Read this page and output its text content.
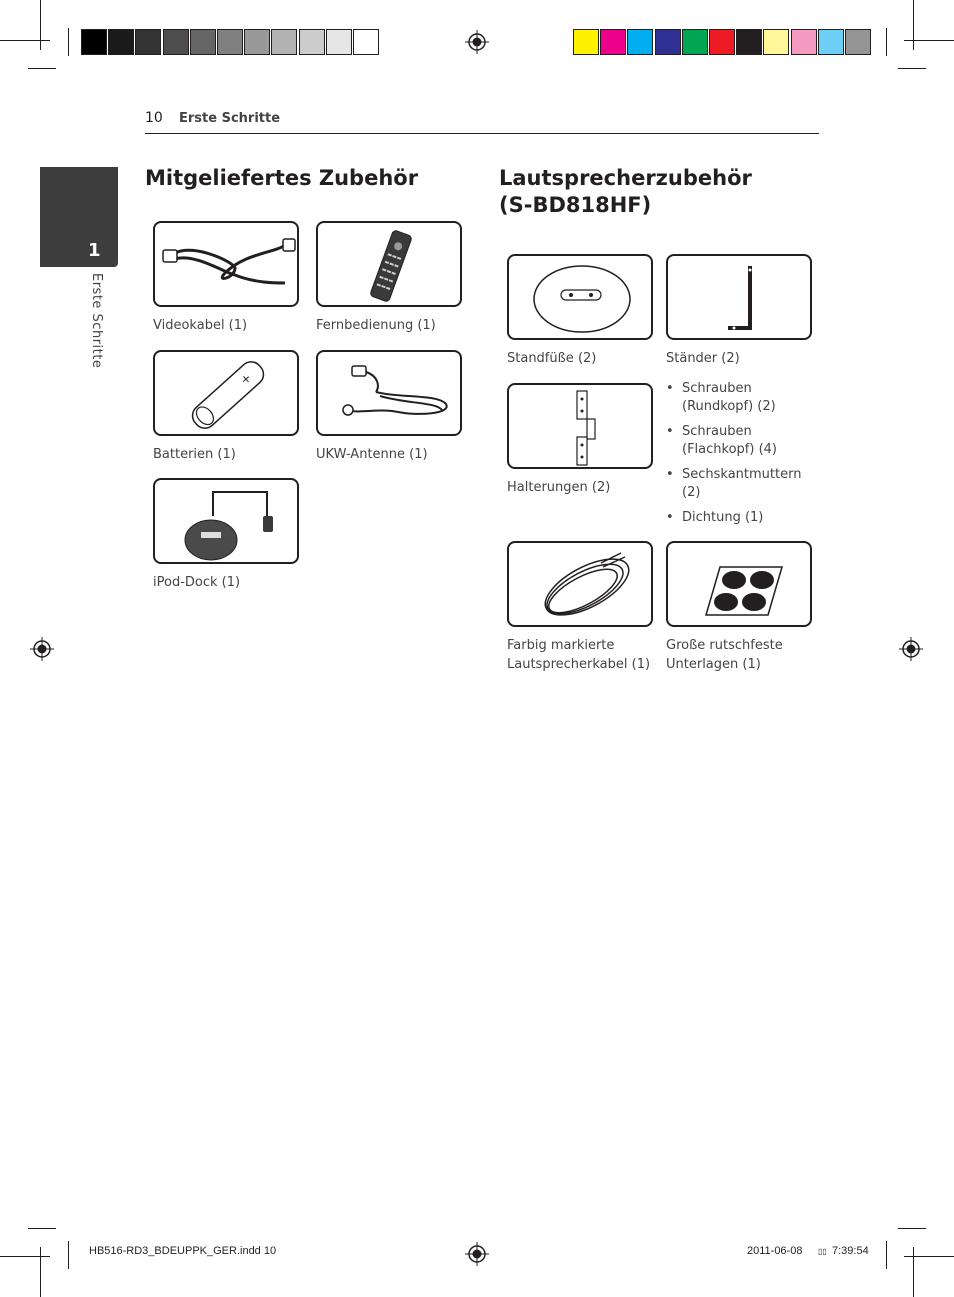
10 Erste Schritte
1
Erste Schritte
Mitgeliefertes Zubehör
Videokabel (1)	Fernbedienung (1)
+
Batterien (1)	UKW-Antenne (1)
iPod-Dock (1)
Lautsprecherzubehör
(S-BD818HF)
Standfüße (2)	Ständer (2)
Halterungen (2)
• Schrauben
(Rundkopf) (2)
• Schrauben
(Flachkopf) (4)
• Sechskantmuttern
(2)
• Dichtung (1)
Farbig markierte
Lautsprecherkabel (1)
Große rutschfeste
Unterlagen (1)
HB516-RD3_BDEUPPK_GER.indd 10	2011-06-08 ▯▯ 7:39:54
